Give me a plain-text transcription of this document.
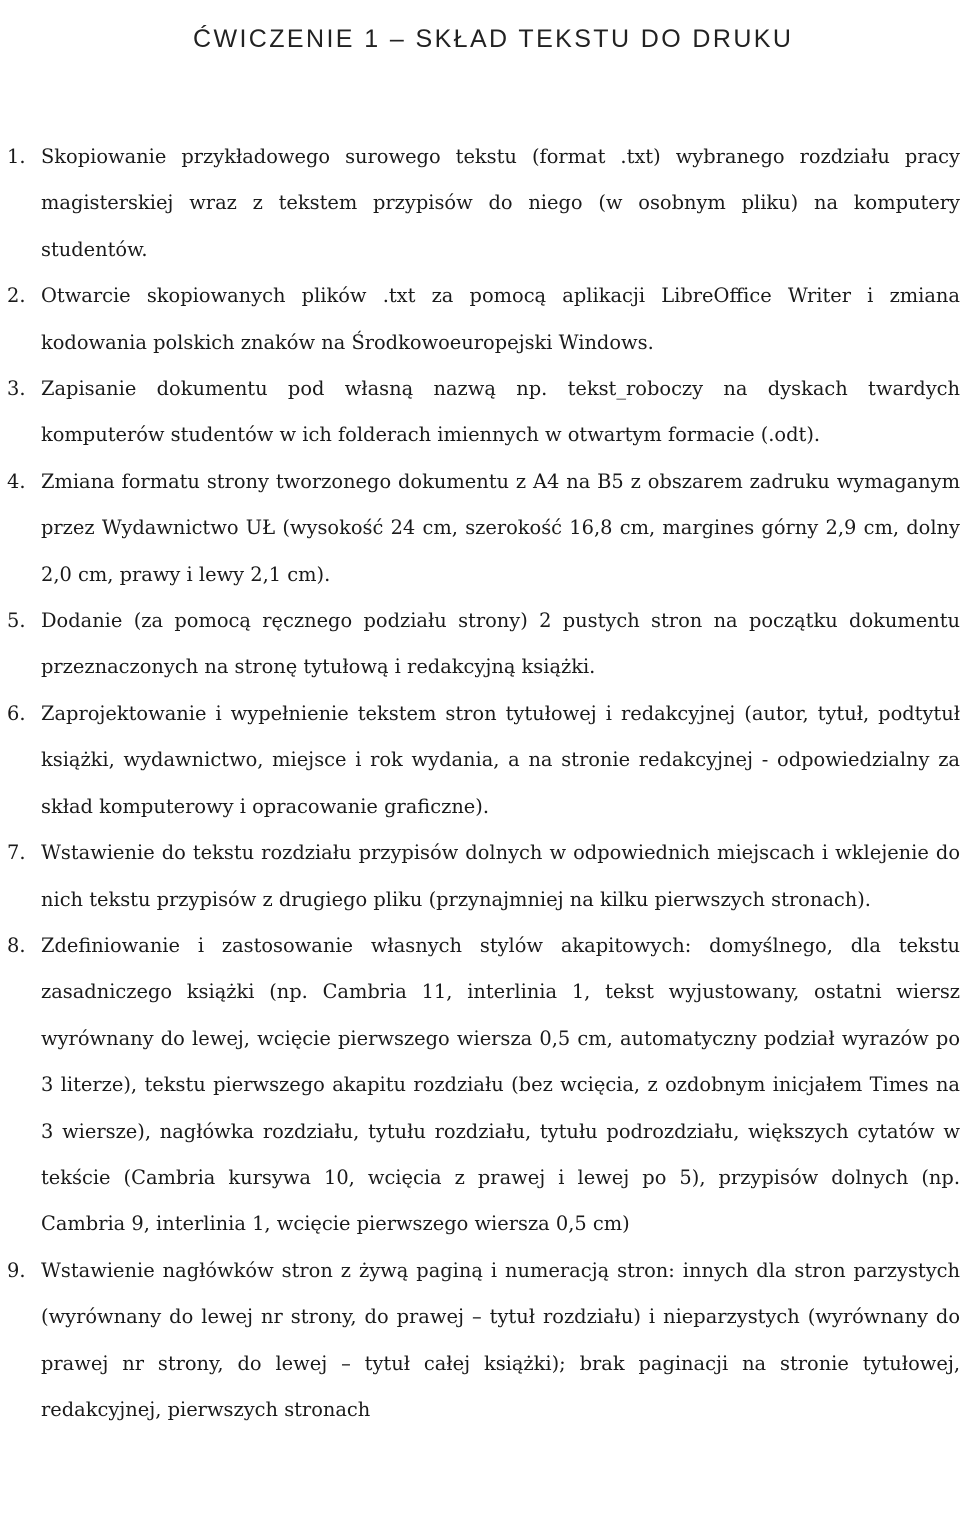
ĆWICZENIE 1 – SKŁAD TEKSTU DO DRUKU
1. Skopiowanie przykładowego surowego tekstu (format .txt) wybranego rozdziału pracy magisterskiej wraz z tekstem przypisów do niego (w osobnym pliku) na komputery studentów.
2. Otwarcie skopiowanych plików .txt za pomocą aplikacji LibreOffice Writer i zmiana kodowania polskich znaków na Środkowoeuropejski Windows.
3. Zapisanie dokumentu pod własną nazwą np. tekst_roboczy na dyskach twardych komputerów studentów w ich folderach imiennych w otwartym formacie (.odt).
4. Zmiana formatu strony tworzonego dokumentu z A4 na B5 z obszarem zadruku wymaganym przez Wydawnictwo UŁ (wysokość 24 cm, szerokość 16,8 cm, margines górny 2,9 cm, dolny 2,0 cm, prawy i lewy 2,1 cm).
5. Dodanie (za pomocą ręcznego podziału strony) 2 pustych stron na początku dokumentu przeznaczonych na stronę tytułową i redakcyjną książki.
6. Zaprojektowanie i wypełnienie tekstem stron tytułowej i redakcyjnej (autor, tytuł, podtytuł książki, wydawnictwo, miejsce i rok wydania, a na stronie redakcyjnej - odpowiedzialny za skład komputerowy i opracowanie graficzne).
7. Wstawienie do tekstu rozdziału przypisów dolnych w odpowiednich miejscach i wklejenie do nich tekstu przypisów z drugiego pliku (przynajmniej na kilku pierwszych stronach).
8. Zdefiniowanie i zastosowanie własnych stylów akapitowych: domyślnego, dla tekstu zasadniczego książki (np. Cambria 11, interlinia 1, tekst wyjustowany, ostatni wiersz wyrównany do lewej, wcięcie pierwszego wiersza 0,5 cm, automatyczny podział wyrazów po 3 literze), tekstu pierwszego akapitu rozdziału (bez wcięcia, z ozdobnym inicjałem Times na 3 wiersze), nagłówka rozdziału, tytułu rozdziału, tytułu podrozdziału, większych cytatów w tekście (Cambria kursywa 10, wcięcia z prawej i lewej po 5), przypisów dolnych (np. Cambria 9, interlinia 1, wcięcie pierwszego wiersza 0,5 cm)
9. Wstawienie nagłówków stron z żywą paginą i numeracją stron: innych dla stron parzystych (wyrównany do lewej nr strony, do prawej – tytuł rozdziału) i nieparzystych (wyrównany do prawej nr strony, do lewej – tytuł całej książki); brak paginacji na stronie tytułowej, redakcyjnej, pierwszych stronach
